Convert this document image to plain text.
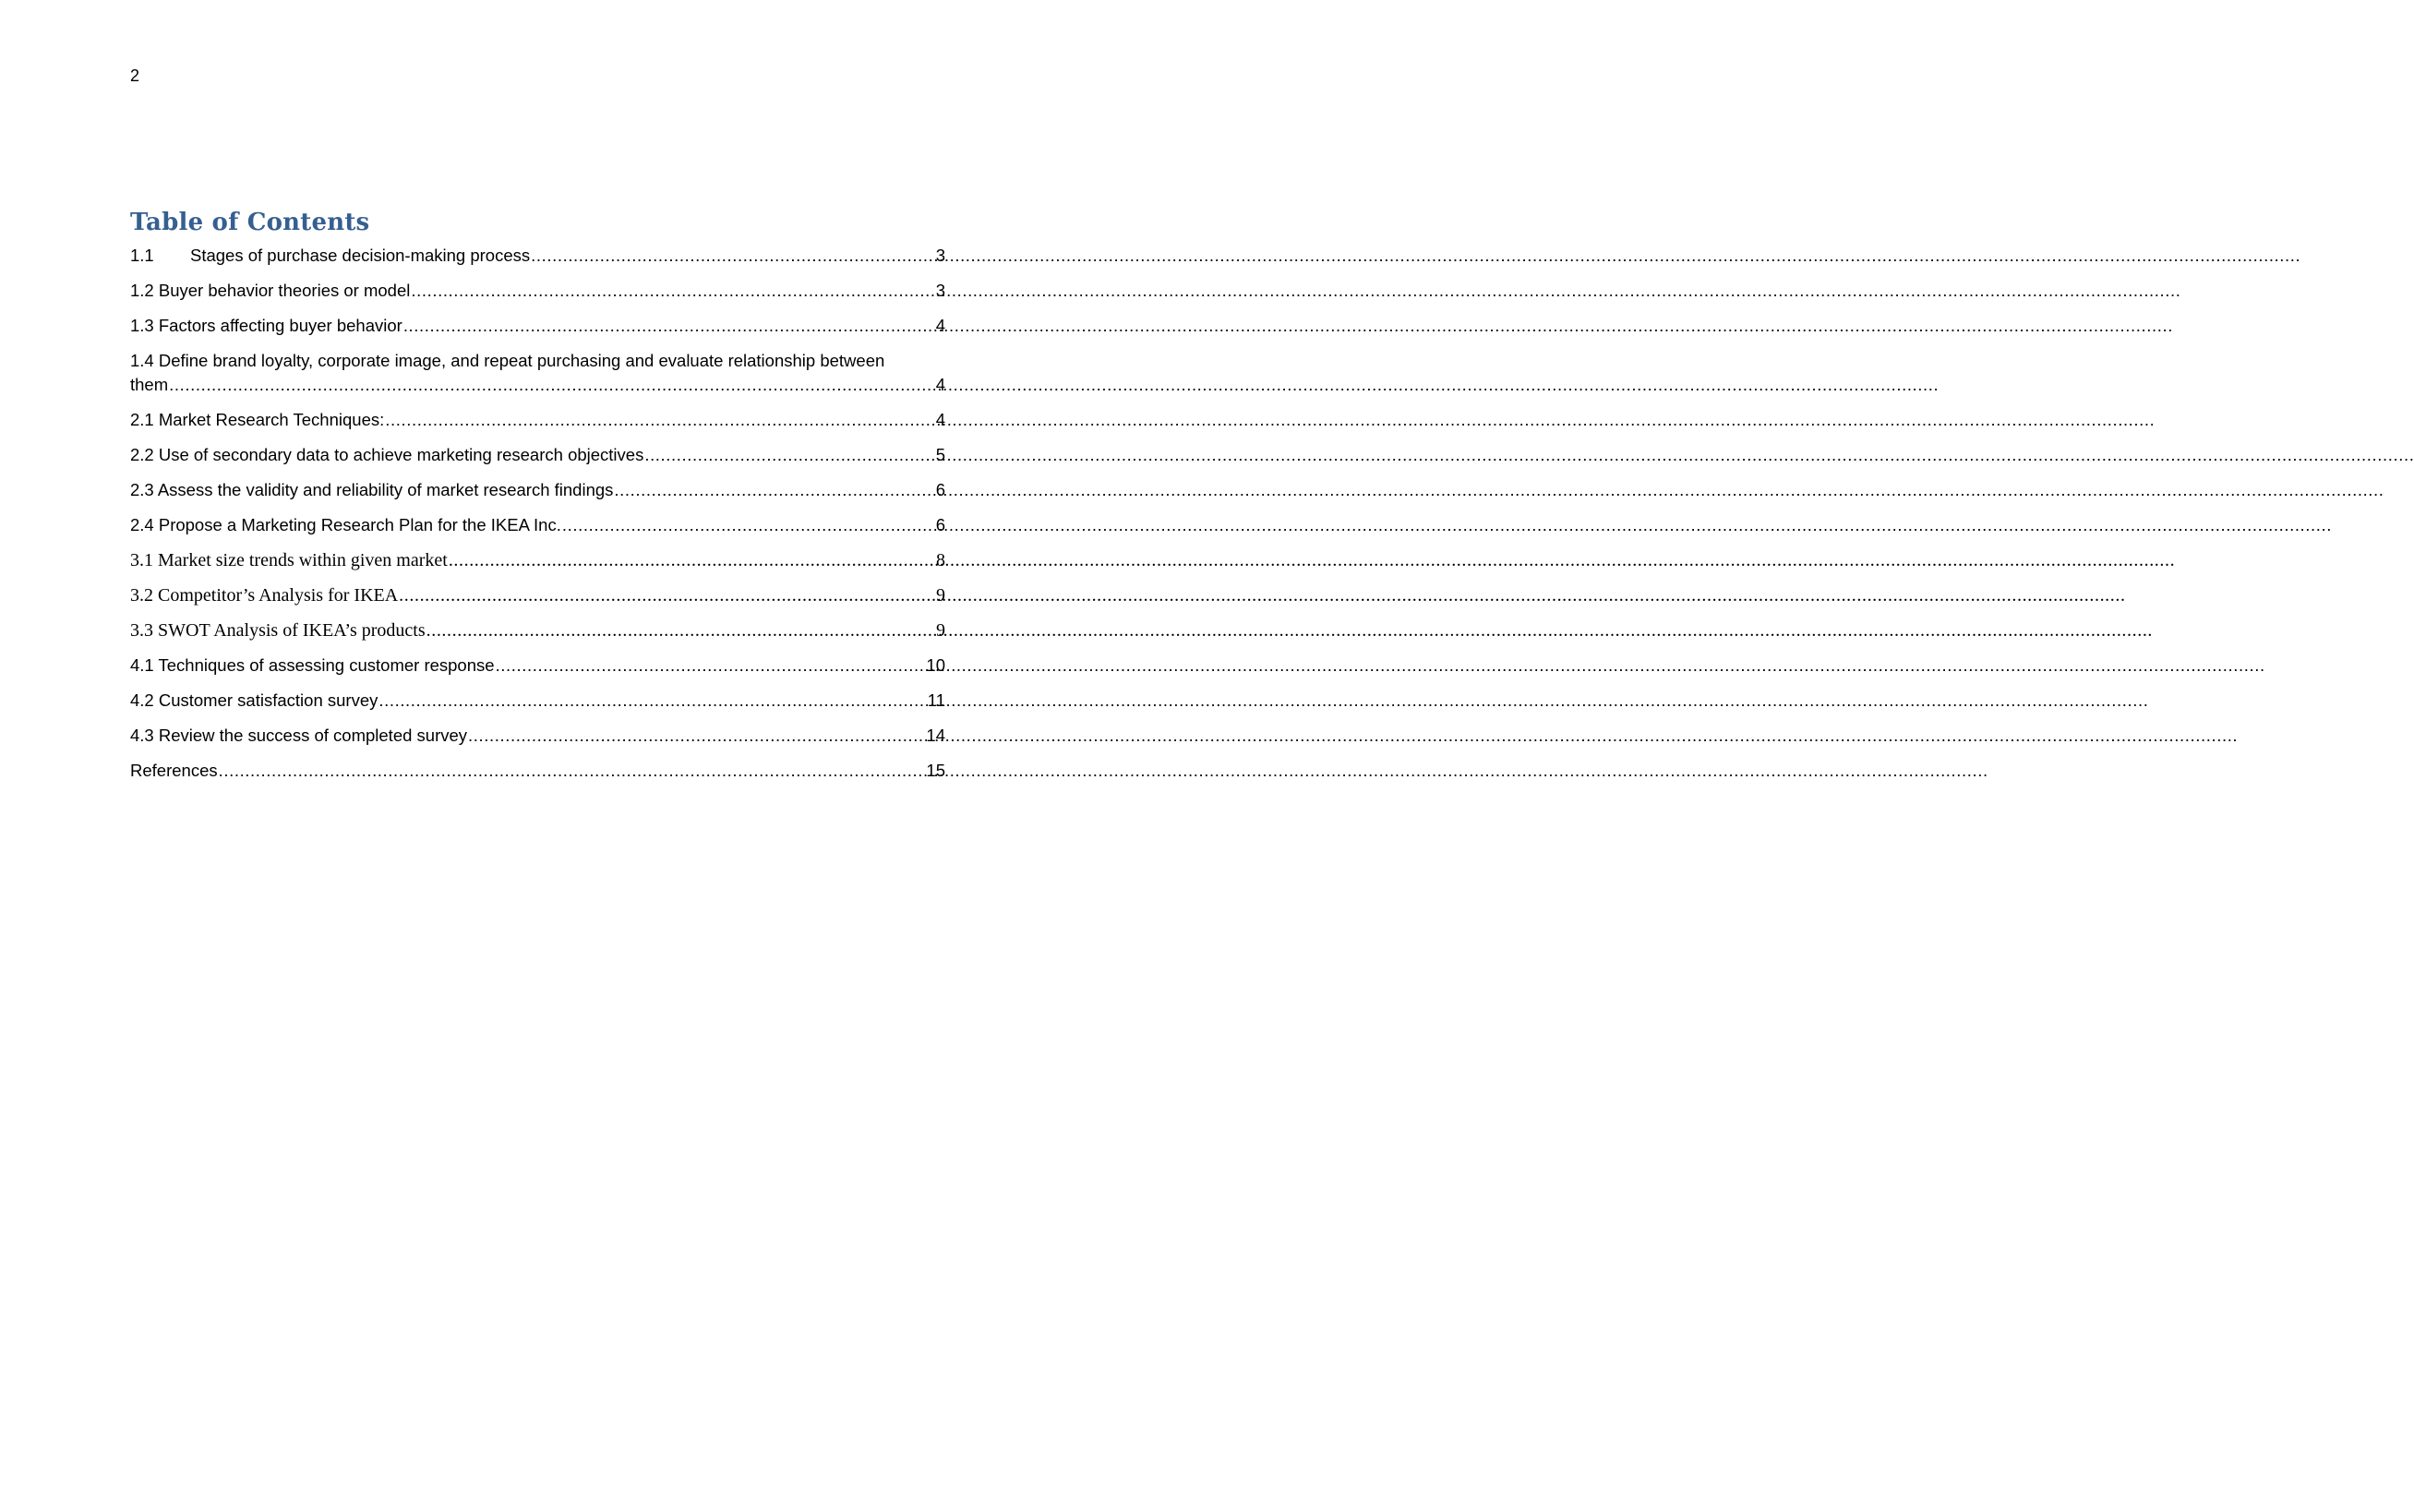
2
Table of Contents
1.1	Stages of purchase decision-making process .....	3
1.2 Buyer behavior theories or model .....	3
1.3 Factors affecting buyer behavior .....	4
1.4 Define brand loyalty, corporate image, and repeat purchasing and evaluate relationship between
them .....	4
2.1 Market Research Techniques: .....	4
2.2 Use of secondary data to achieve marketing research objectives .....	5
2.3 Assess the validity and reliability of market research findings .....	6
2.4 Propose a Marketing Research Plan for the IKEA Inc. .....	6
3.1 Market size trends within given market .....	8
3.2 Competitor’s Analysis for IKEA .....	9
3.3 SWOT Analysis of IKEA’s products .....	9
4.1 Techniques of assessing customer response .....	10
4.2 Customer satisfaction survey .....	11
4.3 Review the success of completed survey .....	14
References .....	15
